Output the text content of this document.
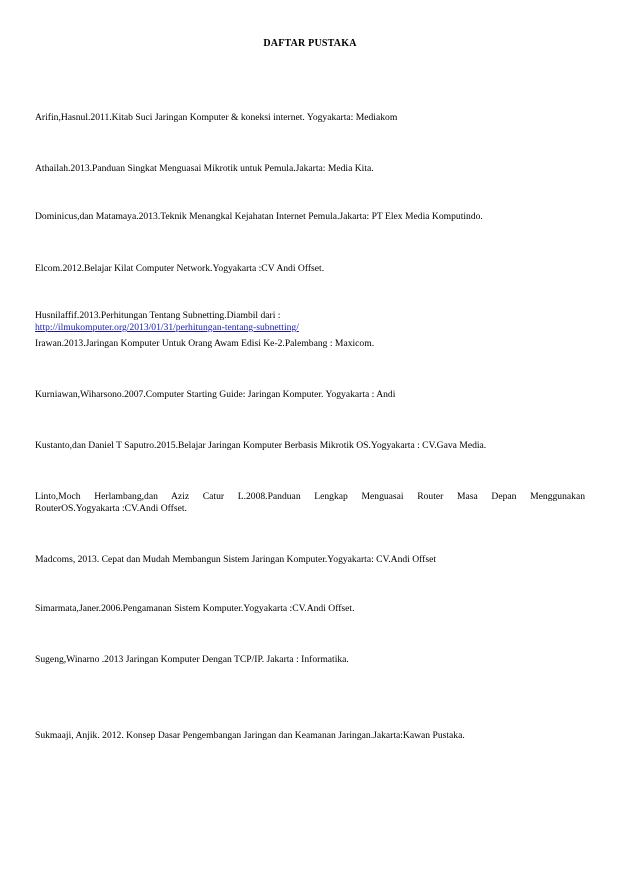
DAFTAR PUSTAKA

Arifin,Hasnul.2011.Kitab Suci Jaringan Komputer & koneksi internet. Yogyakarta: Mediakom

Athailah.2013.Panduan Singkat Menguasai Mikrotik untuk Pemula.Jakarta: Media Kita.

Dominicus,dan Matamaya.2013.Teknik Menangkal Kejahatan Internet Pemula.Jakarta: PT Elex Media Komputindo.

Elcom.2012.Belajar Kilat Computer Network.Yogyakarta :CV Andi Offset.

Husnilaffif.2013.Perhitungan Tentang Subnetting.Diambil dari :
http://ilmukomputer.org/2013/01/31/perhitungan-tentang-subnetting/

Irawan.2013.Jaringan Komputer Untuk Orang Awam Edisi Ke-2.Palembang : Maxicom.

Kurniawan,Wiharsono.2007.Computer Starting Guide: Jaringan Komputer. Yogyakarta : Andi

Kustanto,dan Daniel T Saputro.2015.Belajar Jaringan Komputer Berbasis Mikrotik OS.Yogyakarta : CV.Gava Media.

Linto,Moch Herlambang,dan Aziz Catur L.2008.Panduan Lengkap Menguasai Router Masa Depan Menggunakan
RouterOS.Yogyakarta :CV.Andi Offset.

Madcoms, 2013. Cepat dan Mudah Membangun Sistem Jaringan Komputer.Yogyakarta: CV.Andi Offset

Simarmata,Janer.2006.Pengamanan Sistem Komputer.Yogyakarta :CV.Andi Offset.

Sugeng,Winarno .2013 Jaringan Komputer Dengan TCP/IP. Jakarta : Informatika.

Sukmaaji, Anjik. 2012. Konsep Dasar Pengembangan Jaringan dan Keamanan Jaringan.Jakarta:Kawan Pustaka.
